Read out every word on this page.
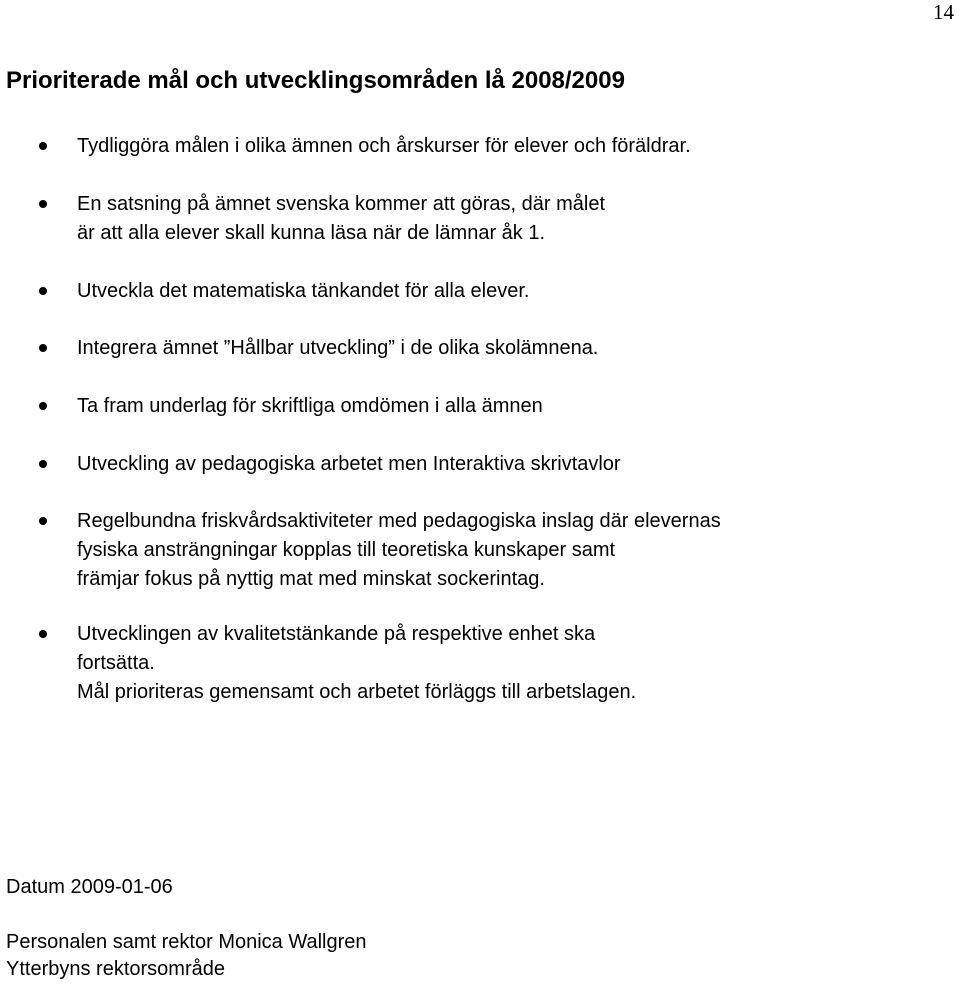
14
Prioriterade mål och utvecklingsområden lå 2008/2009
Tydliggöra målen i olika ämnen och årskurser för elever och föräldrar.
En satsning på ämnet svenska kommer att göras, där målet
är att alla elever skall kunna läsa när de lämnar åk 1.
Utveckla det matematiska tänkandet för alla elever.
Integrera ämnet ”Hållbar utveckling” i de olika skolämnena.
Ta fram underlag för skriftliga omdömen i alla ämnen
Utveckling av pedagogiska arbetet men Interaktiva skrivtavlor
Regelbundna friskvårdsaktiviteter med pedagogiska inslag där elevernas
fysiska ansträngningar kopplas till teoretiska kunskaper samt
främjar fokus på nyttig mat med minskat sockerintag.
Utvecklingen av kvalitetstänkande på respektive enhet ska
fortsätta.
Mål prioriteras gemensamt och arbetet förläggs till arbetslagen.
Datum 2009-01-06
Personalen samt rektor Monica Wallgren
Ytterbyns rektorsområde
